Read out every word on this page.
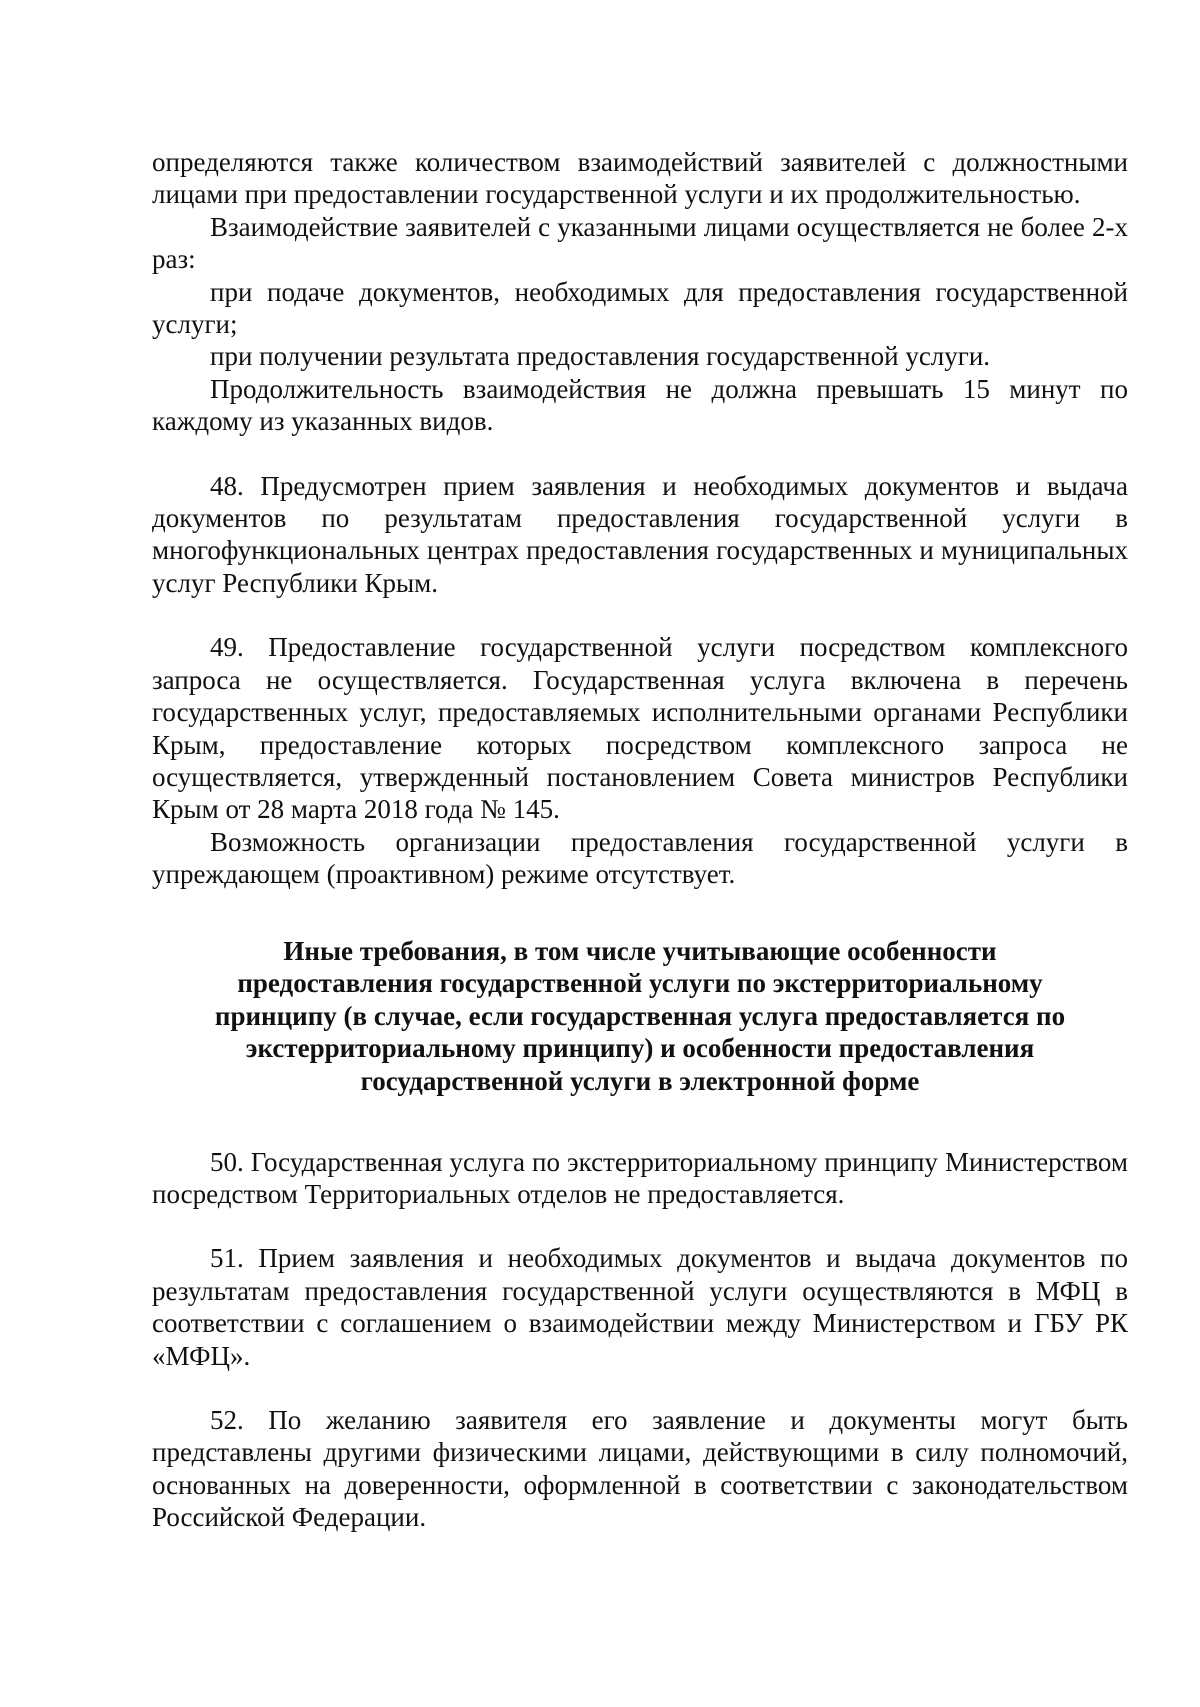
определяются также количеством взаимодействий заявителей с должностными лицами при предоставлении государственной услуги и их продолжительностью.

Взаимодействие заявителей с указанными лицами осуществляется не более 2-х раз:

при подаче документов, необходимых для предоставления государственной услуги;

при получении результата предоставления государственной услуги.

Продолжительность взаимодействия не должна превышать 15 минут по каждому из указанных видов.

48. Предусмотрен прием заявления и необходимых документов и выдача документов по результатам предоставления государственной услуги в многофункциональных центрах предоставления государственных и муниципальных услуг Республики Крым.

49. Предоставление государственной услуги посредством комплексного запроса не осуществляется. Государственная услуга включена в перечень государственных услуг, предоставляемых исполнительными органами Республики Крым, предоставление которых посредством комплексного запроса не осуществляется, утвержденный постановлением Совета министров Республики Крым от 28 марта 2018 года № 145.

Возможность организации предоставления государственной услуги в упреждающем (проактивном) режиме отсутствует.

Иные требования, в том числе учитывающие особенности предоставления государственной услуги по экстерриториальному принципу (в случае, если государственная услуга предоставляется по экстерриториальному принципу) и особенности предоставления государственной услуги в электронной форме

50. Государственная услуга по экстерриториальному принципу Министерством посредством Территориальных отделов не предоставляется.

51. Прием заявления и необходимых документов и выдача документов по результатам предоставления государственной услуги осуществляются в МФЦ в соответствии с соглашением о взаимодействии между Министерством и ГБУ РК «МФЦ».

52. По желанию заявителя его заявление и документы могут быть представлены другими физическими лицами, действующими в силу полномочий, основанных на доверенности, оформленной в соответствии с законодательством Российской Федерации.
